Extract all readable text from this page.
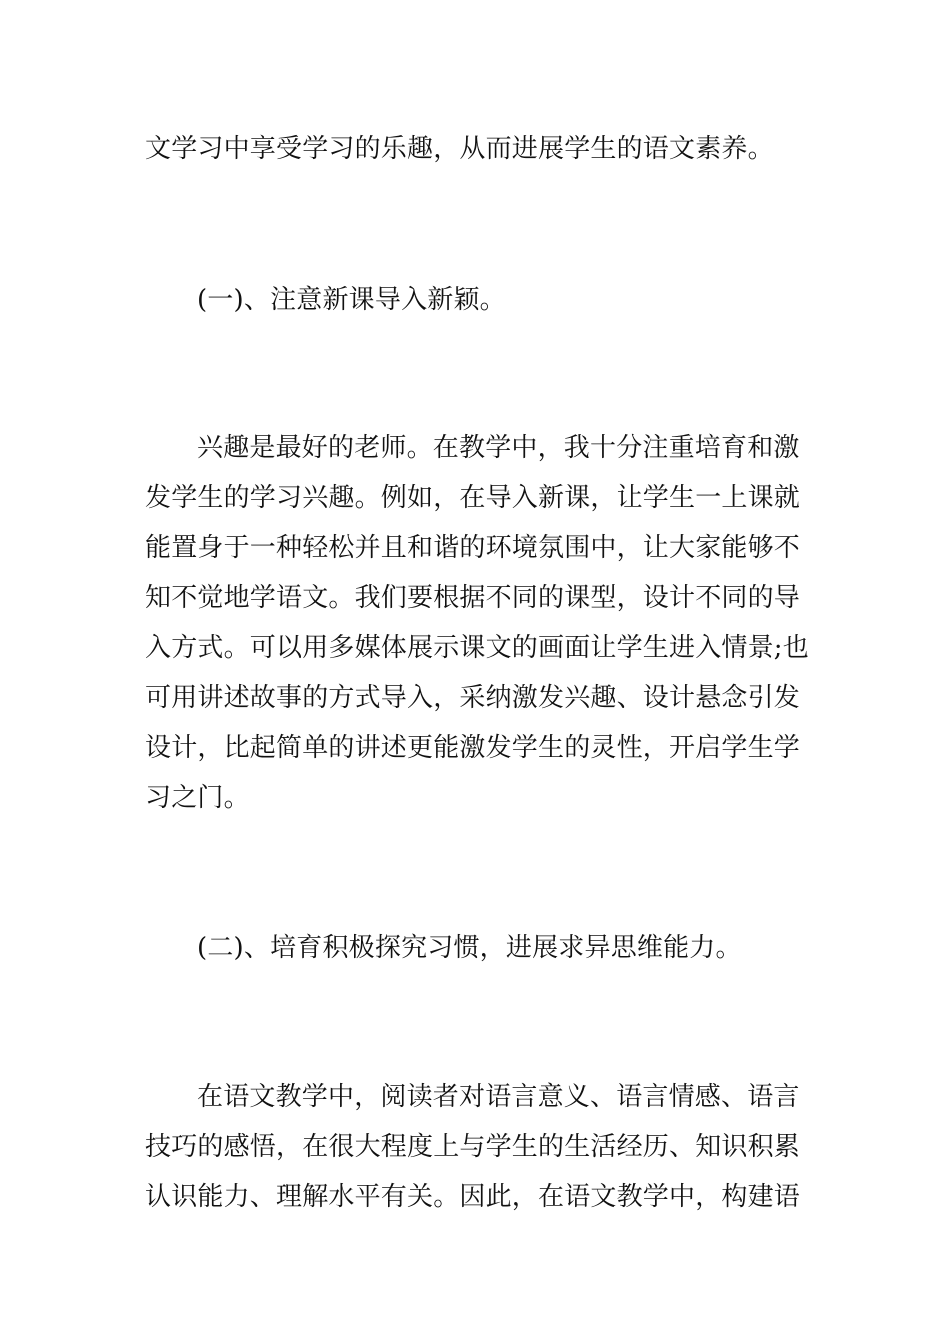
文学习中享受学习的乐趣，从而进展学生的语文素养。
(一)、注意新课导入新颖。
兴趣是最好的老师。在教学中，我十分注重培育和激
发学生的学习兴趣。例如，在导入新课，让学生一上课就
能置身于一种轻松并且和谐的环境氛围中，让大家能够不
知不觉地学语文。我们要根据不同的课型，设计不同的导
入方式。可以用多媒体展示课文的画面让学生进入情景;也
可用讲述故事的方式导入，采纳激发兴趣、设计悬念引发
设计，比起简单的讲述更能激发学生的灵性，开启学生学
习之门。
(二)、培育积极探究习惯，进展求异思维能力。
在语文教学中，阅读者对语言意义、语言情感、语言
技巧的感悟，在很大程度上与学生的生活经历、知识积累
认识能力、理解水平有关。因此，在语文教学中，构建语
